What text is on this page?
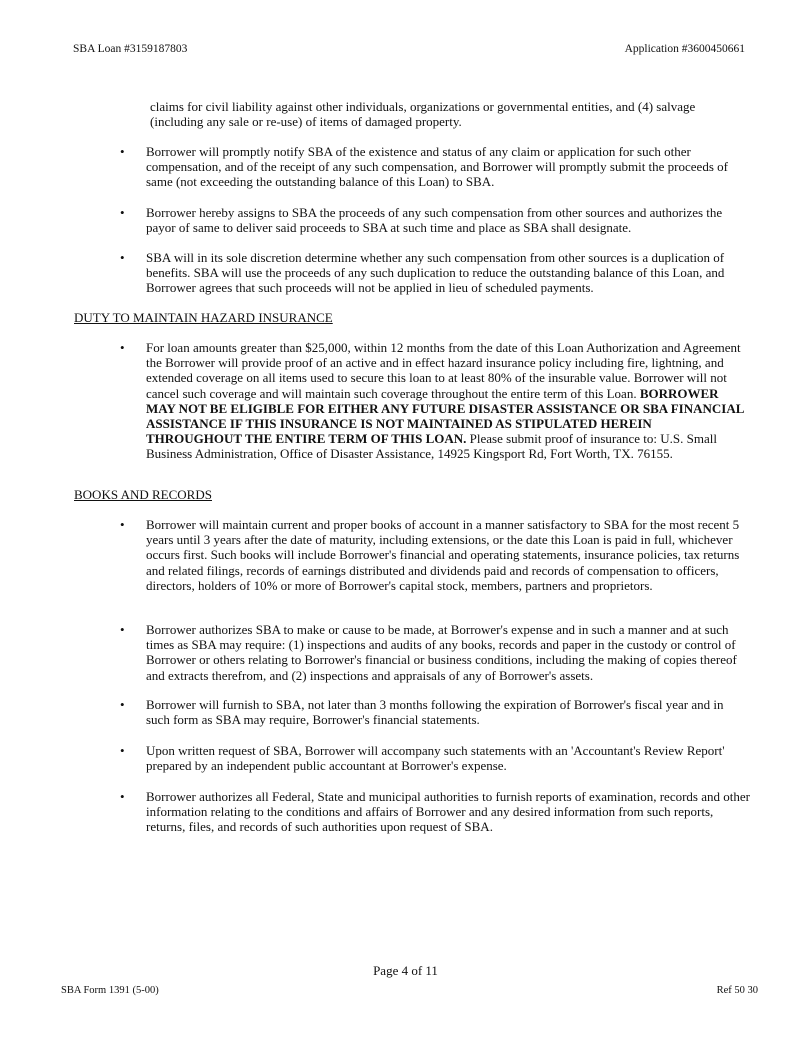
SBA Loan #3159187803	Application #3600450661
claims for civil liability against other individuals, organizations or governmental entities, and (4) salvage (including any sale or re-use) of items of damaged property.
• Borrower will promptly notify SBA of the existence and status of any claim or application for such other compensation, and of the receipt of any such compensation, and Borrower will promptly submit the proceeds of same (not exceeding the outstanding balance of this Loan) to SBA.
• Borrower hereby assigns to SBA the proceeds of any such compensation from other sources and authorizes the payor of same to deliver said proceeds to SBA at such time and place as SBA shall designate.
• SBA will in its sole discretion determine whether any such compensation from other sources is a duplication of benefits. SBA will use the proceeds of any such duplication to reduce the outstanding balance of this Loan, and Borrower agrees that such proceeds will not be applied in lieu of scheduled payments.
DUTY TO MAINTAIN HAZARD INSURANCE
• For loan amounts greater than $25,000, within 12 months from the date of this Loan Authorization and Agreement the Borrower will provide proof of an active and in effect hazard insurance policy including fire, lightning, and extended coverage on all items used to secure this loan to at least 80% of the insurable value. Borrower will not cancel such coverage and will maintain such coverage throughout the entire term of this Loan. BORROWER MAY NOT BE ELIGIBLE FOR EITHER ANY FUTURE DISASTER ASSISTANCE OR SBA FINANCIAL ASSISTANCE IF THIS INSURANCE IS NOT MAINTAINED AS STIPULATED HEREIN THROUGHOUT THE ENTIRE TERM OF THIS LOAN. Please submit proof of insurance to: U.S. Small Business Administration, Office of Disaster Assistance, 14925 Kingsport Rd, Fort Worth, TX. 76155.
BOOKS AND RECORDS
• Borrower will maintain current and proper books of account in a manner satisfactory to SBA for the most recent 5 years until 3 years after the date of maturity, including extensions, or the date this Loan is paid in full, whichever occurs first. Such books will include Borrower's financial and operating statements, insurance policies, tax returns and related filings, records of earnings distributed and dividends paid and records of compensation to officers, directors, holders of 10% or more of Borrower's capital stock, members, partners and proprietors.
• Borrower authorizes SBA to make or cause to be made, at Borrower's expense and in such a manner and at such times as SBA may require: (1) inspections and audits of any books, records and paper in the custody or control of Borrower or others relating to Borrower's financial or business conditions, including the making of copies thereof and extracts therefrom, and (2) inspections and appraisals of any of Borrower's assets.
• Borrower will furnish to SBA, not later than 3 months following the expiration of Borrower's fiscal year and in such form as SBA may require, Borrower's financial statements.
• Upon written request of SBA, Borrower will accompany such statements with an 'Accountant's Review Report' prepared by an independent public accountant at Borrower's expense.
• Borrower authorizes all Federal, State and municipal authorities to furnish reports of examination, records and other information relating to the conditions and affairs of Borrower and any desired information from such reports, returns, files, and records of such authorities upon request of SBA.
Page 4 of 11
SBA Form 1391 (5-00)	Ref 50 30
